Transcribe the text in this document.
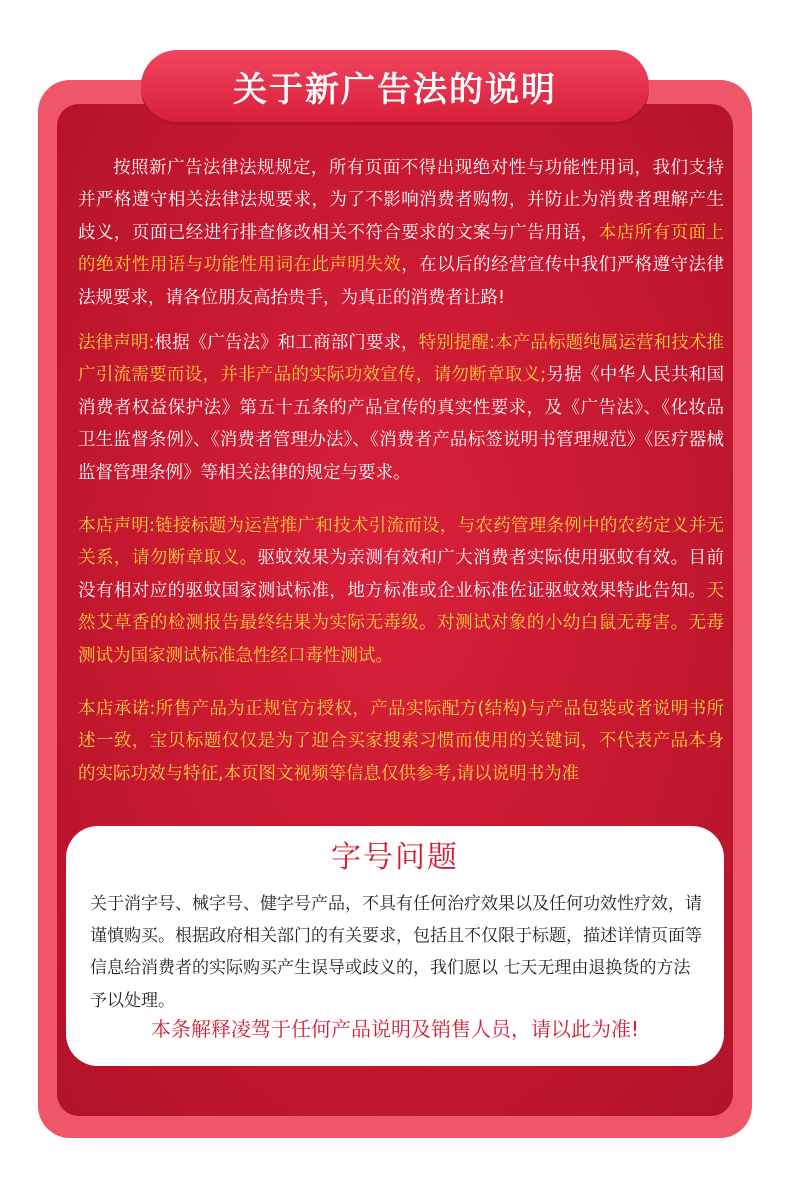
关于新广告法的说明

按照新广告法律法规规定，所有页面不得出现绝对性与功能性用词，我们支持并严格遵守相关法律法规要求，为了不影响消费者购物，并防止为消费者理解产生歧义，页面已经进行排查修改相关不符合要求的文案与广告用语，本店所有页面上的绝对性用语与功能性用词在此声明失效，在以后的经营宣传中我们严格遵守法律法规要求，请各位朋友高抬贵手，为真正的消费者让路!

法律声明:根据《广告法》和工商部门要求，特别提醒:本产品标题纯属运营和技术推广引流需要而设，并非产品的实际功效宣传，请勿断章取义;另据《中华人民共和国消费者权益保护法》第五十五条的产品宣传的真实性要求，及《广告法》、《化妆品卫生监督条例》、《消费者管理办法》、《消费者产品标签说明书管理规范》《医疗器械监督管理条例》等相关法律的规定与要求。

本店声明:链接标题为运营推广和技术引流而设，与农药管理条例中的农药定义并无关系，请勿断章取义。驱蚊效果为亲测有效和广大消费者实际使用驱蚊有效。目前没有相对应的驱蚊国家测试标准，地方标准或企业标准佐证驱蚊效果特此告知。天然艾草香的检测报告最终结果为实际无毒级。对测试对象的小幼白鼠无毒害。无毒测试为国家测试标准急性经口毒性测试。

本店承诺:所售产品为正规官方授权，产品实际配方(结构)与产品包装或者说明书所述一致，宝贝标题仅仅是为了迎合买家搜索习惯而使用的关键词，不代表产品本身的实际功效与特征,本页图文视频等信息仅供参考,请以说明书为准

字号问题

关于消字号、械字号、健字号产品，不具有任何治疗效果以及任何功效性疗效，请谨慎购买。根据政府相关部门的有关要求，包括且不仅限于标题，描述详情页面等信息给消费者的实际购买产生误导或歧义的，我们愿以 七天无理由退换货的方法予以处理。

本条解释凌驾于任何产品说明及销售人员，请以此为准!
